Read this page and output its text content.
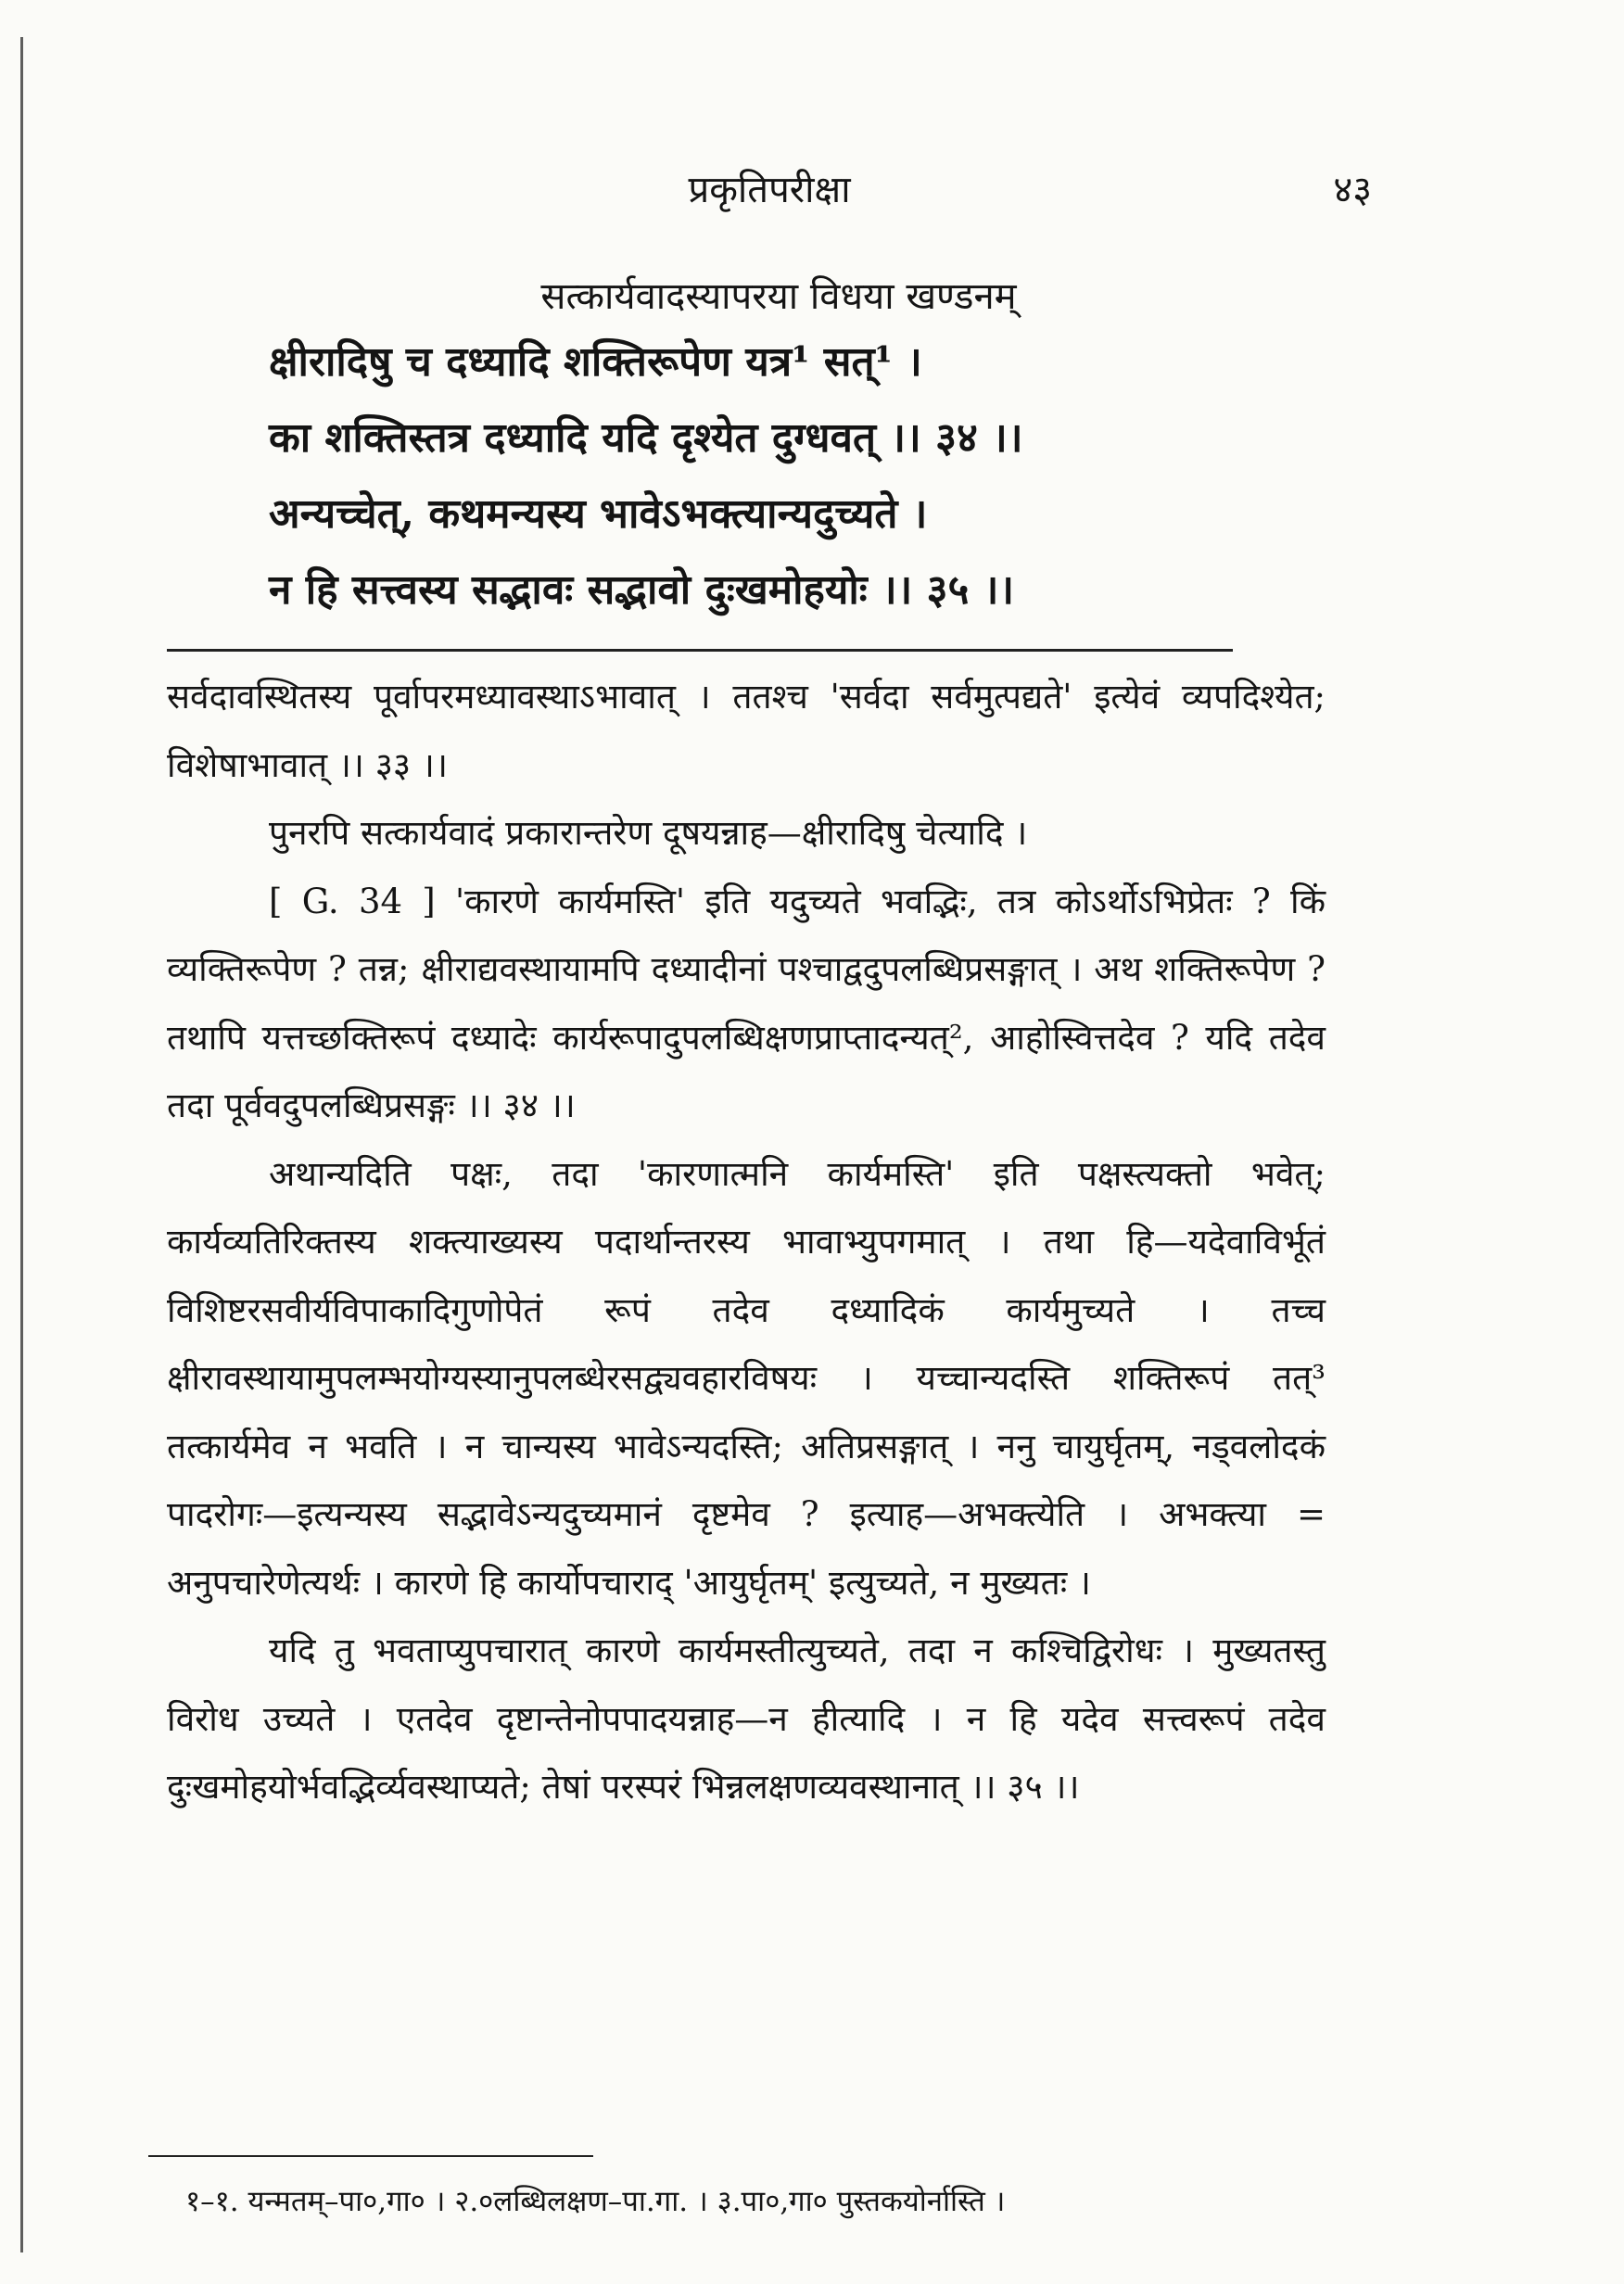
प्रकृतिपरीक्षा	४३
सत्कार्यवादस्यापरया विधया खण्डनम्
क्षीरादिषु च दध्यादि शक्तिरूपेण यत्र¹ सत्¹ ।
का शक्तिस्तत्र दध्यादि यदि दृश्येत दुग्धवत् ।। ३४ ।।
अन्यच्चेत्, कथमन्यस्य भावेऽभक्त्यान्यदुच्यते ।
न हि सत्त्वस्य सद्भावः सद्भावो दुःखमोहयोः ।। ३५ ।।

सर्वदावस्थितस्य पूर्वापरमध्यावस्थाऽभावात् । ततश्च 'सर्वदा सर्वमुत्पद्यते' इत्येवं व्यपदिश्येत; विशेषाभावात् ।। ३३ ।।

पुनरपि सत्कार्यवादं प्रकारान्तरेण दूषयन्नाह—क्षीरादिषु चेत्यादि ।

[ G. 34 ] 'कारणे कार्यमस्ति' इति यदुच्यते भवद्भिः, तत्र कोऽर्थोऽभिप्रेतः ? किं व्यक्तिरूपेण ? तन्न; क्षीराद्यवस्थायामपि दध्यादीनां पश्चाद्वदुपलब्धिप्रसङ्गात् । अथ शक्तिरूपेण ? तथापि यत्तच्छक्तिरूपं दध्यादेः कार्यरूपादुपलब्धिक्षणप्राप्तादन्यत्², आहोस्वित्तदेव ? यदि तदेव तदा पूर्ववदुपलब्धिप्रसङ्गः ।। ३४ ।।

अथान्यदिति पक्षः, तदा 'कारणात्मनि कार्यमस्ति' इति पक्षस्त्यक्तो भवेत्; कार्यव्यतिरिक्तस्य शक्त्याख्यस्य पदार्थान्तरस्य भावाभ्युपगमात् । तथा हि—यदेवाविर्भूतं विशिष्टरसवीर्यविपाकादिगुणोपेतं रूपं तदेव दध्यादिकं कार्यमुच्यते । तच्च क्षीरावस्थायामुपलम्भयोग्यस्यानुपलब्धेरसद्व्यवहारविषयः । यच्चान्यदस्ति शक्तिरूपं तत्³ तत्कार्यमेव न भवति । न चान्यस्य भावेऽन्यदस्ति; अतिप्रसङ्गात् । ननु चायुर्घृतम्, नड्वलोदकं पादरोगः—इत्यन्यस्य सद्भावेऽन्यदुच्यमानं दृष्टमेव ? इत्याह—अभक्त्येति । अभक्त्या = अनुपचारेणेत्यर्थः । कारणे हि कार्योपचाराद् 'आयुर्घृतम्' इत्युच्यते, न मुख्यतः ।

यदि तु भवताप्युपचारात् कारणे कार्यमस्तीत्युच्यते, तदा न कश्चिद्विरोधः । मुख्यतस्तु विरोध उच्यते । एतदेव दृष्टान्तेनोपपादयन्नाह—न हीत्यादि । न हि यदेव सत्त्वरूपं तदेव दुःखमोहयोर्भवद्भिर्व्यवस्थाप्यते; तेषां परस्परं भिन्नलक्षणव्यवस्थानात् ।। ३५ ।।

१–१. यन्मतम्–पा०,गा० । २.०लब्धिलक्षण–पा.गा. । ३.पा०,गा० पुस्तकयोर्नास्ति ।
